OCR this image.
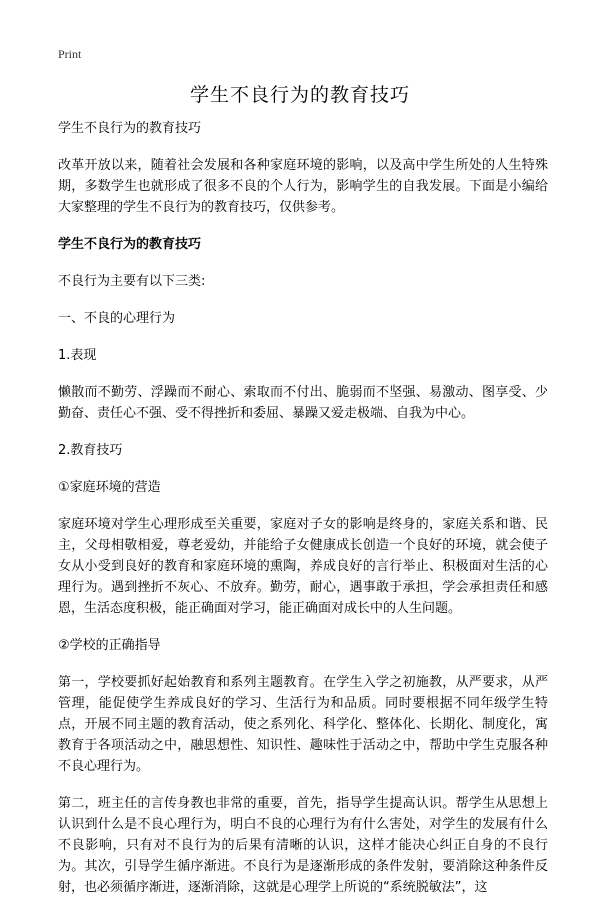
Print
学生不良行为的教育技巧

学生不良行为的教育技巧

改革开放以来，随着社会发展和各种家庭环境的影响，以及高中学生所处的人生特殊期，多数学生也就形成了很多不良的个人行为，影响学生的自我发展。下面是小编给大家整理的学生不良行为的教育技巧，仅供参考。

学生不良行为的教育技巧

不良行为主要有以下三类:

一、不良的心理行为

1.表现

懒散而不勤劳、浮躁而不耐心、索取而不付出、脆弱而不坚强、易激动、图享受、少勤奋、责任心不强、受不得挫折和委屈、暴躁又爱走极端、自我为中心。

2.教育技巧

①家庭环境的营造

家庭环境对学生心理形成至关重要，家庭对子女的影响是终身的，家庭关系和谐、民主，父母相敬相爱，尊老爱幼，并能给子女健康成长创造一个良好的环境，就会使子女从小受到良好的教育和家庭环境的熏陶，养成良好的言行举止、积极面对生活的心理行为。遇到挫折不灰心、不放弃。勤劳，耐心，遇事敢于承担，学会承担责任和感恩，生活态度积极，能正确面对学习，能正确面对成长中的人生问题。

②学校的正确指导

第一，学校要抓好起始教育和系列主题教育。在学生入学之初施教，从严要求，从严管理，能促使学生养成良好的学习、生活行为和品质。同时要根据不同年级学生特点，开展不同主题的教育活动，使之系列化、科学化、整体化、长期化、制度化，寓教育于各项活动之中，融思想性、知识性、趣味性于活动之中，帮助中学生克服各种不良心理行为。

第二，班主任的言传身教也非常的重要，首先，指导学生提高认识。帮学生从思想上认识到什么是不良心理行为，明白不良的心理行为有什么害处，对学生的发展有什么不良影响，只有对不良行为的后果有清晰的认识，这样才能决心纠正自身的不良行为。其次，引导学生循序渐进。不良行为是逐渐形成的条件发射，要消除这种条件反射，也必须循序渐进，逐渐消除，这就是心理学上所说的“系统脱敏法”，这
